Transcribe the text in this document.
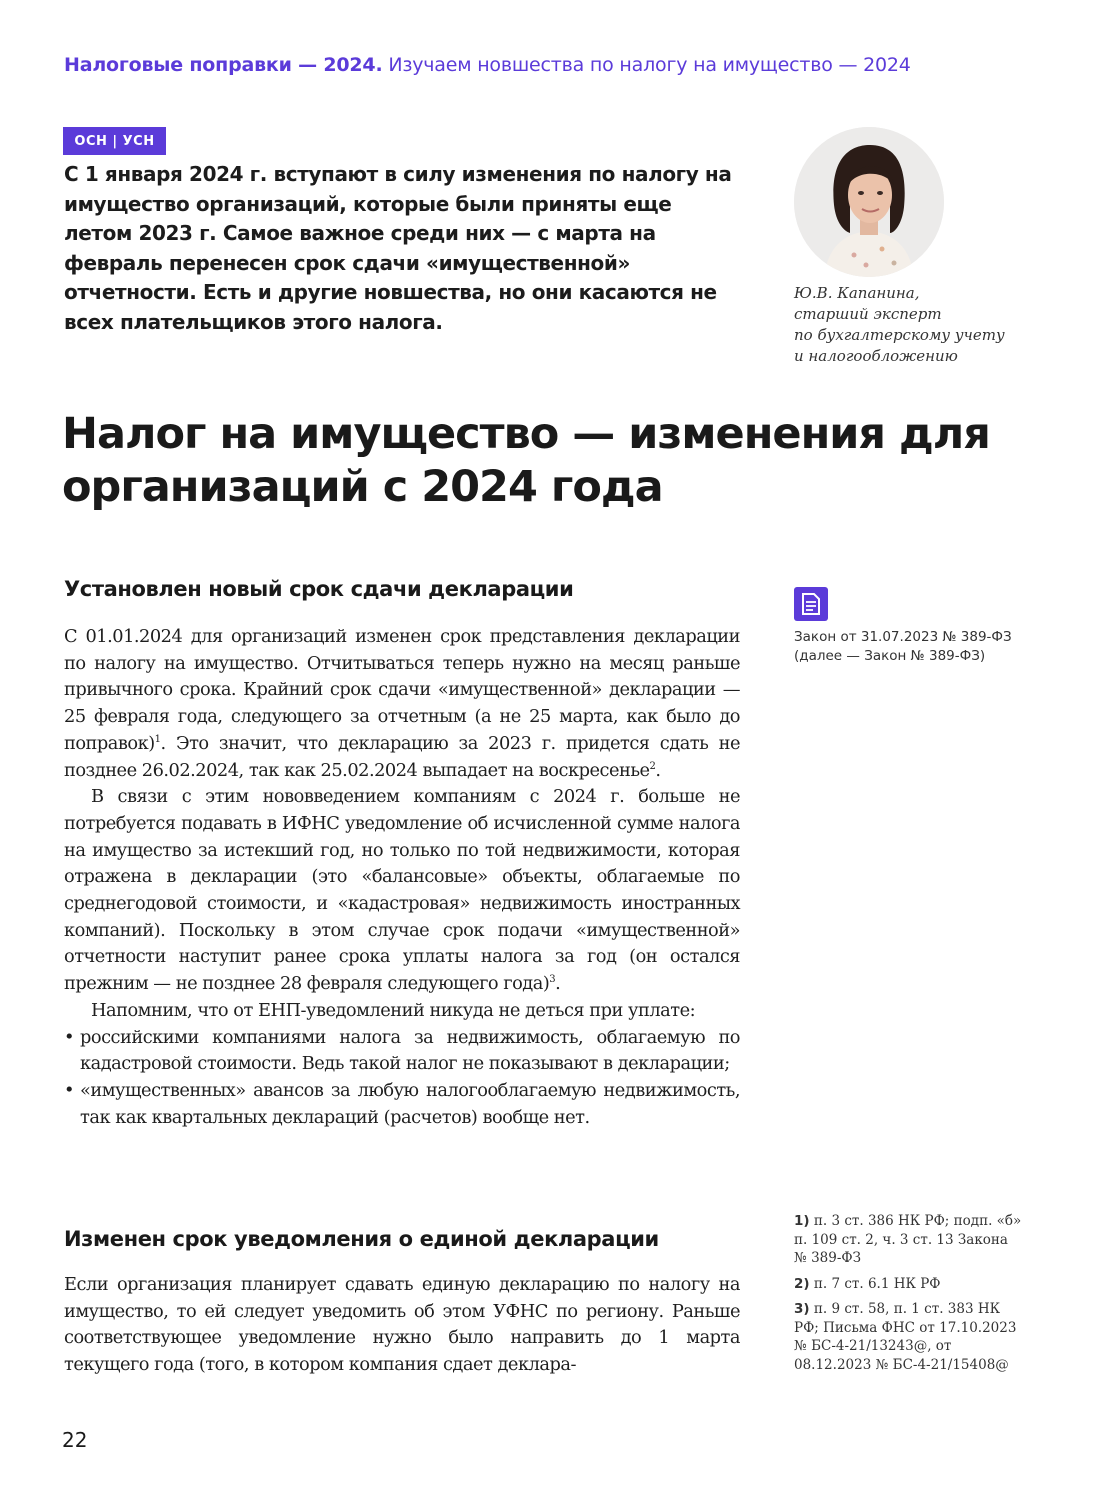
Налоговые поправки — 2024. Изучаем новшества по налогу на имущество — 2024
ОСН | УСН
С 1 января 2024 г. вступают в силу изменения по налогу на имущество организаций, которые были приняты еще летом 2023 г. Самое важное среди них — с марта на февраль перенесен срок сдачи «имущественной» отчетности. Есть и другие новшества, но они касаются не всех плательщиков этого налога.
Ю.В. Капанина,
старший эксперт
по бухгалтерскому учету
и налогообложению
Налог на имущество — изменения для организаций с 2024 года
Установлен новый срок сдачи декларации

С 01.01.2024 для организаций изменен срок представления декларации по налогу на имущество. Отчитываться теперь нужно на месяц раньше привычного срока. Крайний срок сдачи «имущественной» декларации — 25 февраля года, следующего за отчетным (а не 25 марта, как было до поправок)$^1$. Это значит, что декларацию за 2023 г. придется сдать не позднее 26.02.2024, так как 25.02.2024 выпадает на воскресенье$^2$.

В связи с этим нововведением компаниям с 2024 г. больше не потребуется подавать в ИФНС уведомление об исчисленной сумме налога на имущество за истекший год, но только по той недвижимости, которая отражена в декларации (это «балансовые» объекты, облагаемые по среднегодовой стоимости, и «кадастровая» недвижимость иностранных компаний). Поскольку в этом случае срок подачи «имущественной» отчетности наступит ранее срока уплаты налога за год (он остался прежним — не позднее 28 февраля следующего года)$^3$.

Напомним, что от ЕНП-уведомлений никуда не деться при уплате:

• российскими компаниями налога за недвижимость, облагаемую по кадастровой стоимости. Ведь такой налог не показывают в декларации;
• «имущественных» авансов за любую налогооблагаемую недвижимость, так как квартальных деклараций (расчетов) вообще нет.
Изменен срок уведомления о единой декларации

Если организация планирует сдавать единую декларацию по налогу на имущество, то ей следует уведомить об этом УФНС по региону. Раньше соответствующее уведомление нужно было направить до 1 марта текущего года (того, в котором компания сдает деклара-

Закон от 31.07.2023 № 389-ФЗ
(далее — Закон № 389-ФЗ)
1) п. 3 ст. 386 НК РФ; подп. «б» п. 109 ст. 2, ч. 3 ст. 13 Закона № 389-ФЗ
2) п. 7 ст. 6.1 НК РФ
3) п. 9 ст. 58, п. 1 ст. 383 НК РФ; Письма ФНС от 17.10.2023 № БС-4-21/13243@, от 08.12.2023 № БС-4-21/15408@
22
